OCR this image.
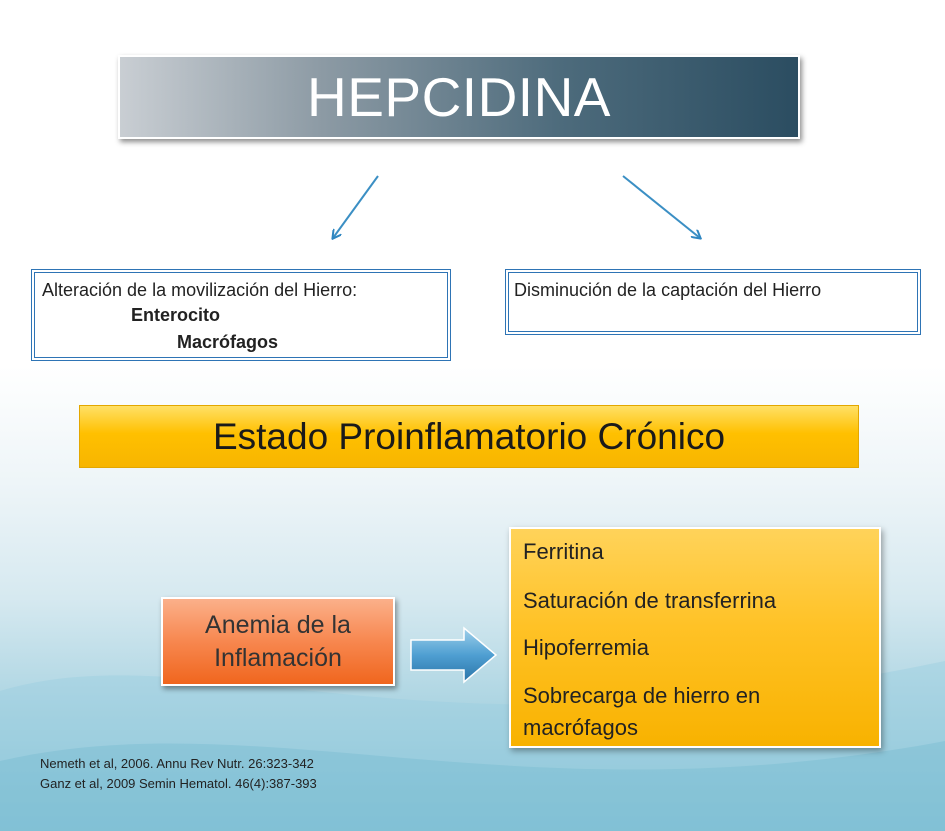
HEPCIDINA
Alteración de la movilización del Hierro:
Enterocito
Macrófagos
Disminución de la captación del Hierro
Estado Proinflamatorio Crónico
Anemia de la
Inflamación
Ferritina
Saturación de transferrina
Hipoferremia
Sobrecarga de hierro en
macrófagos
Nemeth et al, 2006. Annu Rev Nutr. 26:323-342
Ganz et al, 2009 Semin Hematol. 46(4):387-393
